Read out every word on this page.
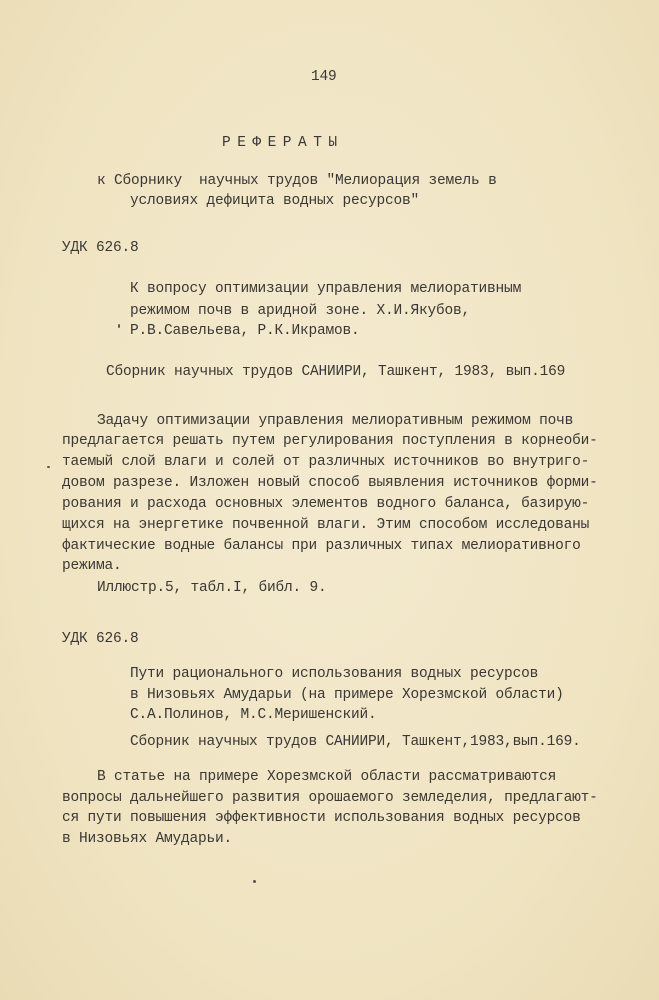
149
РЕФЕРАТЫ
к Сборнику  научных трудов "Мелиорация земель в
условиях дефицита водных ресурсов"
УДК 626.8
К вопросу оптимизации управления мелиоративным
режимом почв в аридной зоне. Х.И.Якубов,
Р.В.Савельева, Р.К.Икрамов.
Сборник научных трудов САНИИРИ, Ташкент, 1983, вып.169
Задачу оптимизации управления мелиоративным режимом почв
предлагается решать путем регулирования поступления в корнеоби-
таемый слой влаги и солей от различных источников во внутриго-
довом разрезе. Изложен новый способ выявления источников форми-
рования и расхода основных элементов водного баланса, базирую-
щихся на энергетике почвенной влаги. Этим способом исследованы
фактические водные балансы при различных типах мелиоративного
режима.
Иллюстр.5, табл.I, библ. 9.
УДК 626.8
Пути рационального использования водных ресурсов
в Низовьях Амударьи (на примере Хорезмской области)
С.А.Полинов, М.С.Меришенский.
Сборник научных трудов САНИИРИ, Ташкент,1983,вып.169.
В статье на примере Хорезмской области рассматриваются
вопросы дальнейшего развития орошаемого земледелия, предлагают-
ся пути повышения эффективности использования водных ресурсов
в Низовьях Амударьи.
